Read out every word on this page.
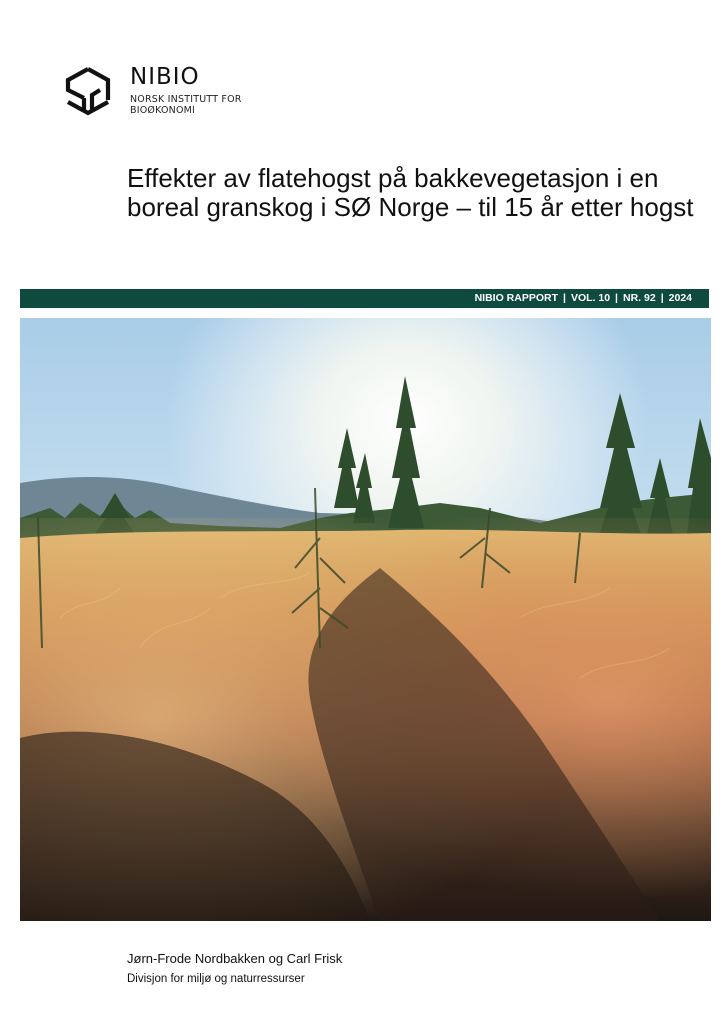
NIBIO
NORSK INSTITUTT FOR
BIOØKONOMI
Effekter av flatehogst på bakkevegetasjon i en boreal granskog i SØ Norge – til 15 år etter hogst
NIBIO RAPPORT | VOL. 10 | NR. 92 | 2024
Jørn-Frode Nordbakken og Carl Frisk
Divisjon for miljø og naturressurser
